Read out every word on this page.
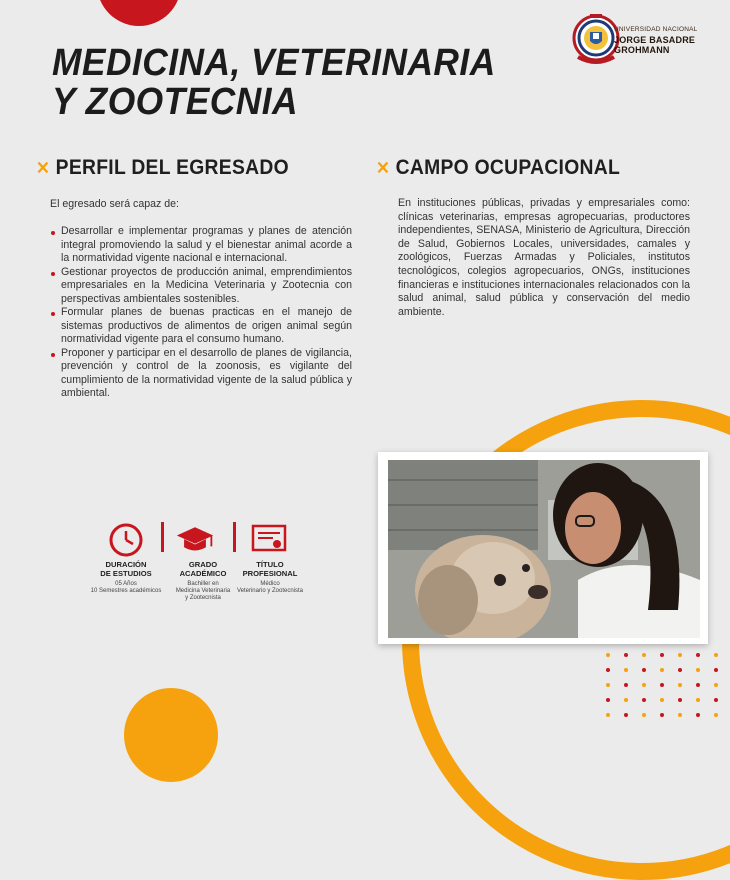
UNIVERSIDAD NACIONAL
JORGE BASADRE
GROHMANN
MEDICINA, VETERINARIA
Y ZOOTECNIA
✕ PERFIL DEL EGRESADO	✕ CAMPO OCUPACIONAL
El egresado será capaz de:
Desarrollar e implementar programas y planes de atención integral promoviendo la salud y el bienestar animal acorde a la normatividad vigente nacional e internacional.
Gestionar proyectos de producción animal, emprendimientos empresariales en la Medicina Veterinaria y Zootecnia con perspectivas ambientales sostenibles.
Formular planes de buenas practicas en el manejo de sistemas productivos de alimentos de origen animal según normatividad vigente para el consumo humano.
Proponer y participar en el desarrollo de planes de vigilancia, prevención y control de la zoonosis, es vigilante del cumplimiento de la normatividad vigente de la salud pública y ambiental.

En instituciones públicas, privadas y empresariales como: clínicas veterinarias, empresas agropecuarias, productores independientes, SENASA, Ministerio de Agricultura, Dirección de Salud, Gobiernos Locales, universidades, camales y zoológicos, Fuerzas Armadas y Policiales, institutos tecnológicos, colegios agropecuarios, ONGs, instituciones financieras e instituciones internacionales relacionados con la salud animal, salud pública y conservación del medio ambiente.

DURACIÓN
DE ESTUDIOS
05 Años
10 Semestres académicos
GRADO
ACADÉMICO
Bachiller en
Medicina Veterinaria
y Zootecnista
TÍTULO
PROFESIONAL
Médico
Veterinario y Zootecnista
